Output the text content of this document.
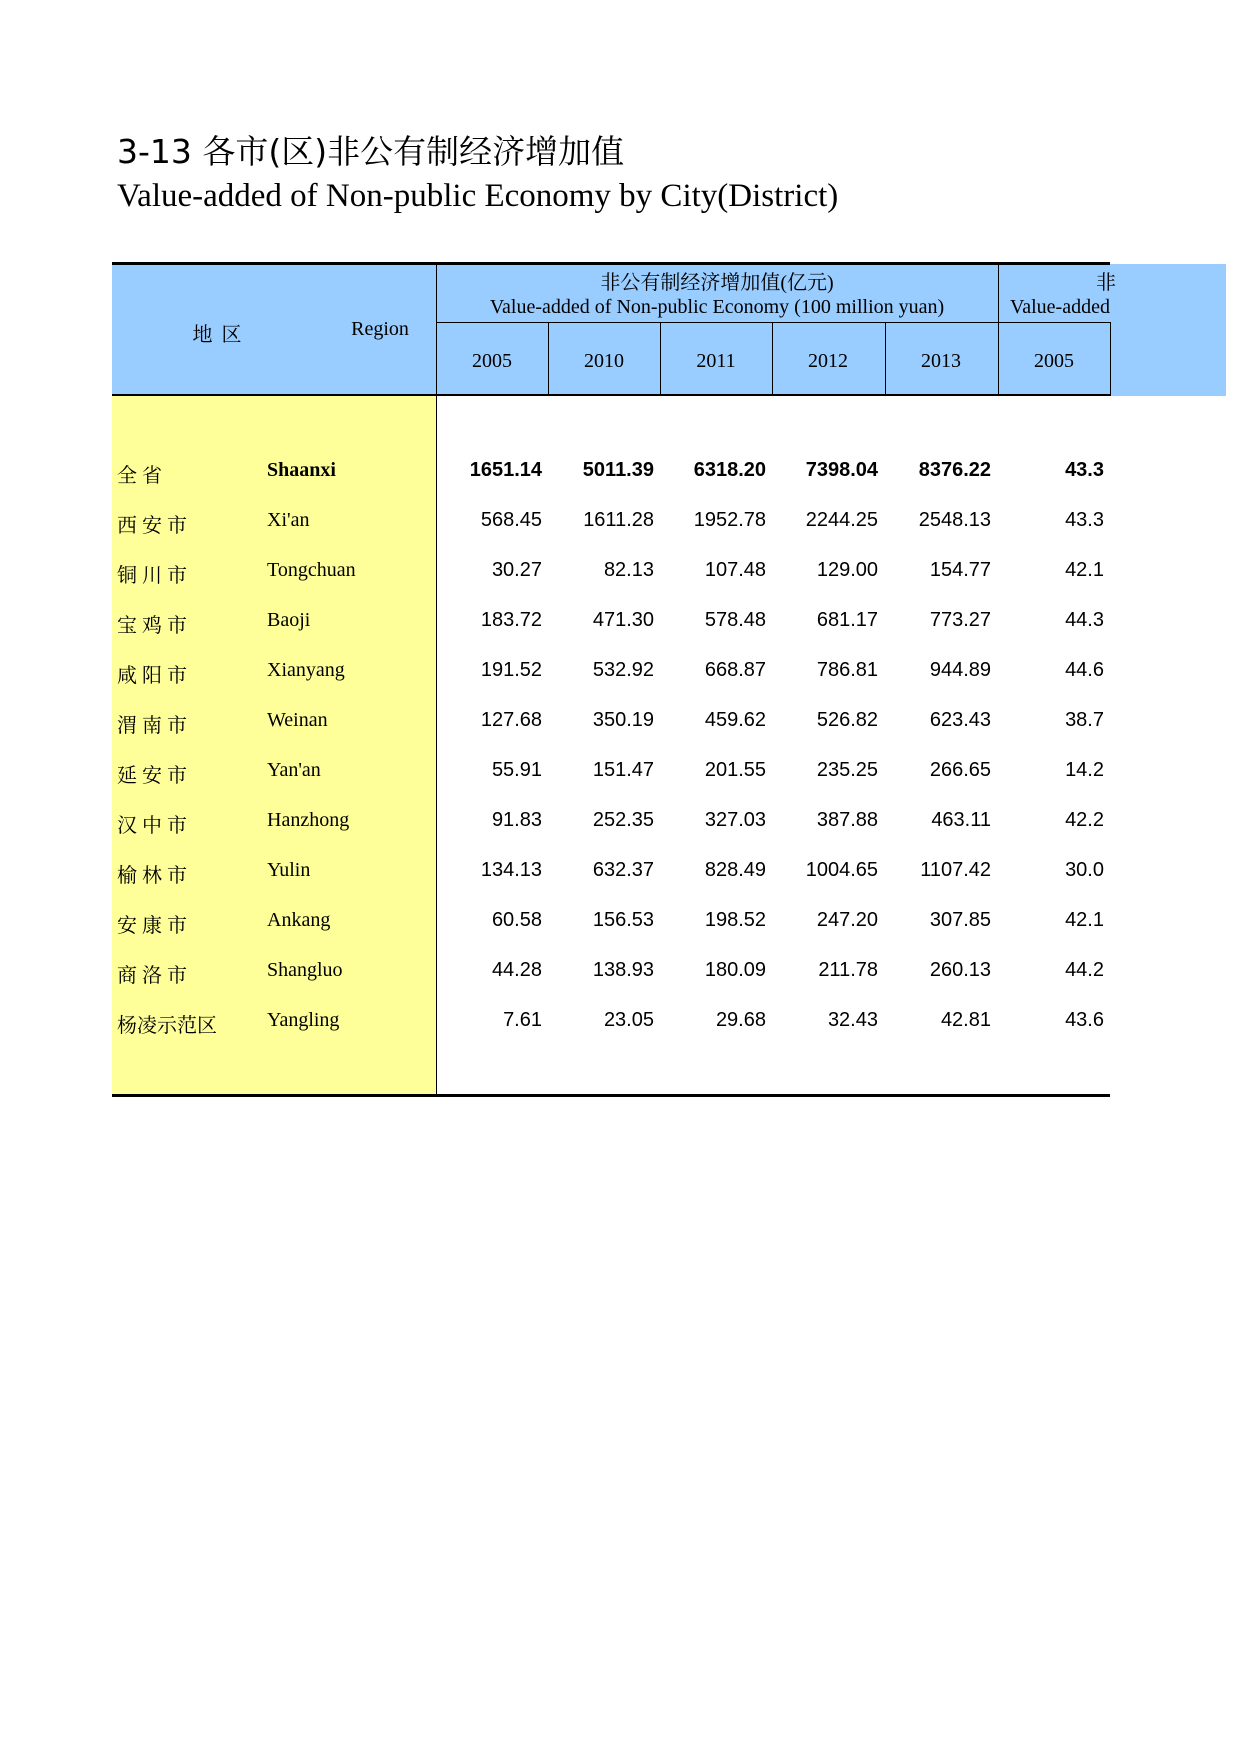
3-13 各市(区)非公有制经济增加值
Value-added of Non-public Economy by City(District)
地 区	Region
非公有制经济增加值(亿元)
Value-added of Non-public Economy (100 million yuan)
非
Value-added
2005	2010	2011	2012	2013	2005
全 省	Shaanxi	1651.14	5011.39	6318.20	7398.04	8376.22	43.3
西 安 市	Xi'an	568.45	1611.28	1952.78	2244.25	2548.13	43.3
铜 川 市	Tongchuan	30.27	82.13	107.48	129.00	154.77	42.1
宝 鸡 市	Baoji	183.72	471.30	578.48	681.17	773.27	44.3
咸 阳 市	Xianyang	191.52	532.92	668.87	786.81	944.89	44.6
渭 南 市	Weinan	127.68	350.19	459.62	526.82	623.43	38.7
延 安 市	Yan'an	55.91	151.47	201.55	235.25	266.65	14.2
汉 中 市	Hanzhong	91.83	252.35	327.03	387.88	463.11	42.2
榆 林 市	Yulin	134.13	632.37	828.49	1004.65	1107.42	30.0
安 康 市	Ankang	60.58	156.53	198.52	247.20	307.85	42.1
商 洛 市	Shangluo	44.28	138.93	180.09	211.78	260.13	44.2
杨凌示范区	Yangling	7.61	23.05	29.68	32.43	42.81	43.6
